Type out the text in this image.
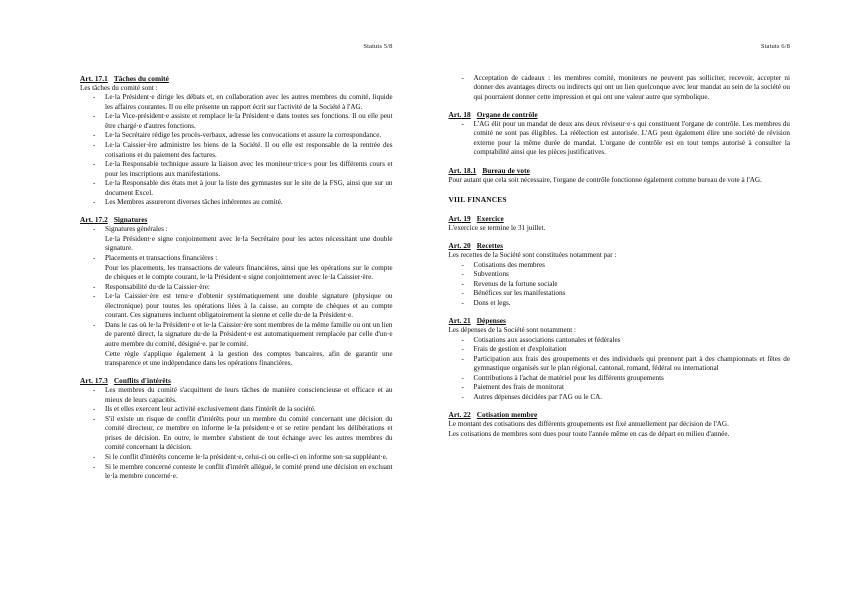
Statuts 5/8
Art. 17.1 Tâches du comité

Les tâches du comité sont :

- Le·la Président·e dirige les débats et, en collaboration avec les autres membres du comité, liquide les affaires courantes. Il ou elle présente un rapport écrit sur l'activité de la Société à l'AG.
- Le·la Vice-président·e assiste et remplace le·la Président·e dans toutes ses fonctions. Il ou elle peut être chargé·e d'autres fonctions.
- Le·la Secrétaire rédige les procès-verbaux, adresse les convocations et assure la correspondance.
- Le·la Caissier·ère administre les biens de la Société. Il ou elle est responsable de la rentrée des cotisations et du paiement des factures.
- Le·la Responsable technique assure la liaison avec les moniteur·trice·s pour les différents cours et pour les inscriptions aux manifestations.
- Le·la Responsable des états met à jour la liste des gymnastes sur le site de la FSG, ainsi que sur un document Excel.
- Les Membres assureront diverses tâches inhérentes au comité.
Art. 17.2 Signatures
- Signatures générales :
Le·la Président·e signe conjointement avec le·la Secrétaire pour les actes nécessitant une double signature.
- Placements et transactions financières :
Pour les placements, les transactions de valeurs financières, ainsi que les opérations sur le compte de chèques et le compte courant, le·la Président·e signe conjointement avec le·la Caissier·ère.
- Responsabilité du·de la Caissier·ère:
- Le·la Caissier·ère est tenu·e d'obtenir systématiquement une double signature (physique ou électronique) pour toutes les opérations liées à la caisse, au compte de chèques et au compte courant. Ces signatures incluent obligatoirement la sienne et celle du·de la Président·e.
- Dans le cas où le·la Président·e et le·la Caissier·ère sont membres de la même famille ou ont un lien de parenté direct, la signature du·de la Président·e est automatiquement remplacée par celle d'un·e autre membre du comité, désigné·e. par le comité.
Cette règle s'applique également à la gestion des comptes bancaires, afin de garantir une transparence et une indépendance dans les opérations financières.
Art. 17.3 Conflits d'intérêts
- Les membres du comité s'acquittent de leurs tâches de manière consciencieuse et efficace et au mieux de leurs capacités.
- Ils et elles exercent leur activité exclusivement dans l'intérêt de la société.
- S'il existe un risque de conflit d'intérêts pour un membre du comité concernant une décision du comité directeur, ce membre en informe le·la président·e et se retire pendant les délibérations et prises de décision. En outre, le membre s'abstient de tout échange avec les autres membres du comité concernant la décision.
- Si le conflit d'intérêts concerne le·la président·e, celui-ci ou celle-ci en informe son·sa suppléant·e.
- Si le membre concerné conteste le conflit d'intérêt allégué, le comité prend une décision en excluant le·la membre concerné·e.
Statuts 6/8
- Acceptation de cadeaux : les membres comité, moniteurs ne peuvent pas solliciter, recevoir, accepter ni donner des avantages directs ou indirects qui ont un lien quelconque avec leur mandat au sein de la société ou qui pourraient donner cette impression et qui ont une valeur autre que symbolique.
Art. 18 Organe de contrôle
- L'AG élit pour un mandat de deux ans deux réviseur·e·s qui constituent l'organe de contrôle. Les membres du comité ne sont pas éligibles. La réélection est autorisée. L'AG peut également élire une société de révision externe pour la même durée de mandat. L'organe de contrôle est en tout temps autorisé à consulter la comptabilité ainsi que les pièces justificatives.
Art. 18.1 Bureau de vote

Pour autant que cela soit nécessaire, l'organe de contrôle fonctionne également comme bureau de vote à l'AG.

VIII. FINANCES
Art. 19 Exercice

L'exercice se termine le 31 juillet.

Art. 20 Recettes

Les recettes de la Société sont constituées notamment par :

- Cotisations des membres
- Subventions
- Revenus de la fortune sociale
- Bénéfices sur les manifestations
- Dons et legs.
Art. 21 Dépenses

Les dépenses de la Société sont notamment :

- Cotisations aux associations cantonales et fédérales
- Frais de gestion et d'exploitation
- Participation aux frais des groupements et des individuels qui prennent part à des championnats et fêtes de gymnastique organisés sur le plan régional, cantonal, romand, fédéral ou international
- Contributions à l'achat de matériel pour les différents groupements
- Paiement des frais de monitorat
- Autres dépenses décidées par l'AG ou le CA.
Art. 22 Cotisation membre

Le montant des cotisations des différents groupements est fixé annuellement par décision de l'AG.

Les cotisations de membres sont dues pour toute l'année même en cas de départ en milieu d'année.
